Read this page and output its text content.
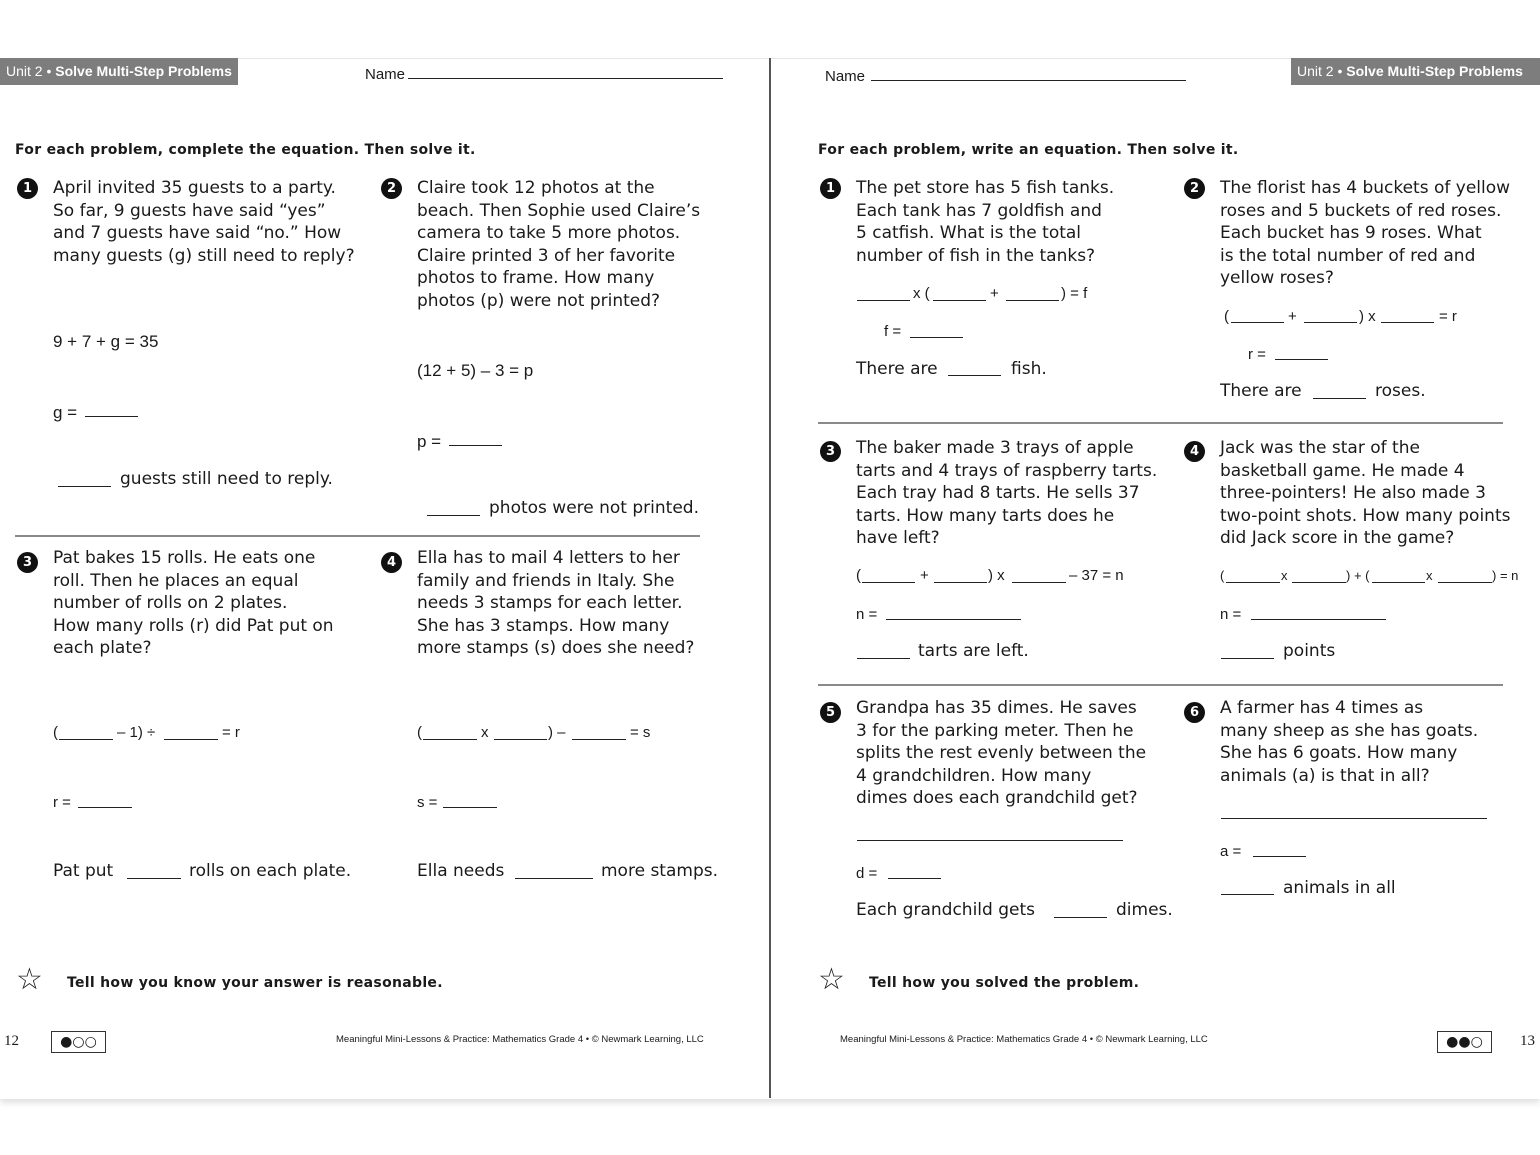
Unit 2 • Solve Multi-Step Problems	Name
For each problem, complete the equation. Then solve it.
1	April invited 35 guests to a party.
So far, 9 guests have said “yes”
and 7 guests have said “no.” How
many guests (g) still need to reply?
9 + 7 + g = 35
g =
guests still need to reply.
2	Claire took 12 photos at the
beach. Then Sophie used Claire’s
camera to take 5 more photos.
Claire printed 3 of her favorite
photos to frame. How many
photos (p) were not printed?
(12 + 5) – 3 = p
p =
photos were not printed.
3	Pat bakes 15 rolls. He eats one
roll. Then he places an equal
number of rolls on 2 plates.
How many rolls (r) did Pat put on
each plate?
(	– 1) ÷	= r
r =
Pat put	rolls on each plate.
4	Ella has to mail 4 letters to her
family and friends in Italy. She
needs 3 stamps for each letter.
She has 3 stamps. How many
more stamps (s) does she need?
(	x	) –	= s
s =
Ella needs	more stamps.
☆ Tell how you know your answer is reasonable.
12	●○○	Meaningful Mini-Lessons & Practice: Mathematics Grade 4 • © Newmark Learning, LLC
Name	Unit 2 • Solve Multi-Step Problems
For each problem, write an equation. Then solve it.
1	The pet store has 5 fish tanks.
Each tank has 7 goldfish and
5 catfish. What is the total
number of fish in the tanks?
x (	+	) = f
f =
There are	fish.
2	The florist has 4 buckets of yellow
roses and 5 buckets of red roses.
Each bucket has 9 roses. What
is the total number of red and
yellow roses?
(	+	) x	= r
r =
There are	roses.
3	The baker made 3 trays of apple
tarts and 4 trays of raspberry tarts.
Each tray had 8 tarts. He sells 37
tarts. How many tarts does he
have left?
(	+	) x	– 37 = n
n =
tarts are left.
4	Jack was the star of the
basketball game. He made 4
three-pointers! He also made 3
two-point shots. How many points
did Jack score in the game?
(	x	) + (	x	) = n
n =
points
5	Grandpa has 35 dimes. He saves
3 for the parking meter. Then he
splits the rest evenly between the
4 grandchildren. How many
dimes does each grandchild get?
d =
Each grandchild gets	dimes.
6	A farmer has 4 times as
many sheep as she has goats.
She has 6 goats. How many
animals (a) is that in all?
a =
animals in all
☆ Tell how you solved the problem.
Meaningful Mini-Lessons & Practice: Mathematics Grade 4 • © Newmark Learning, LLC	●●○	13
